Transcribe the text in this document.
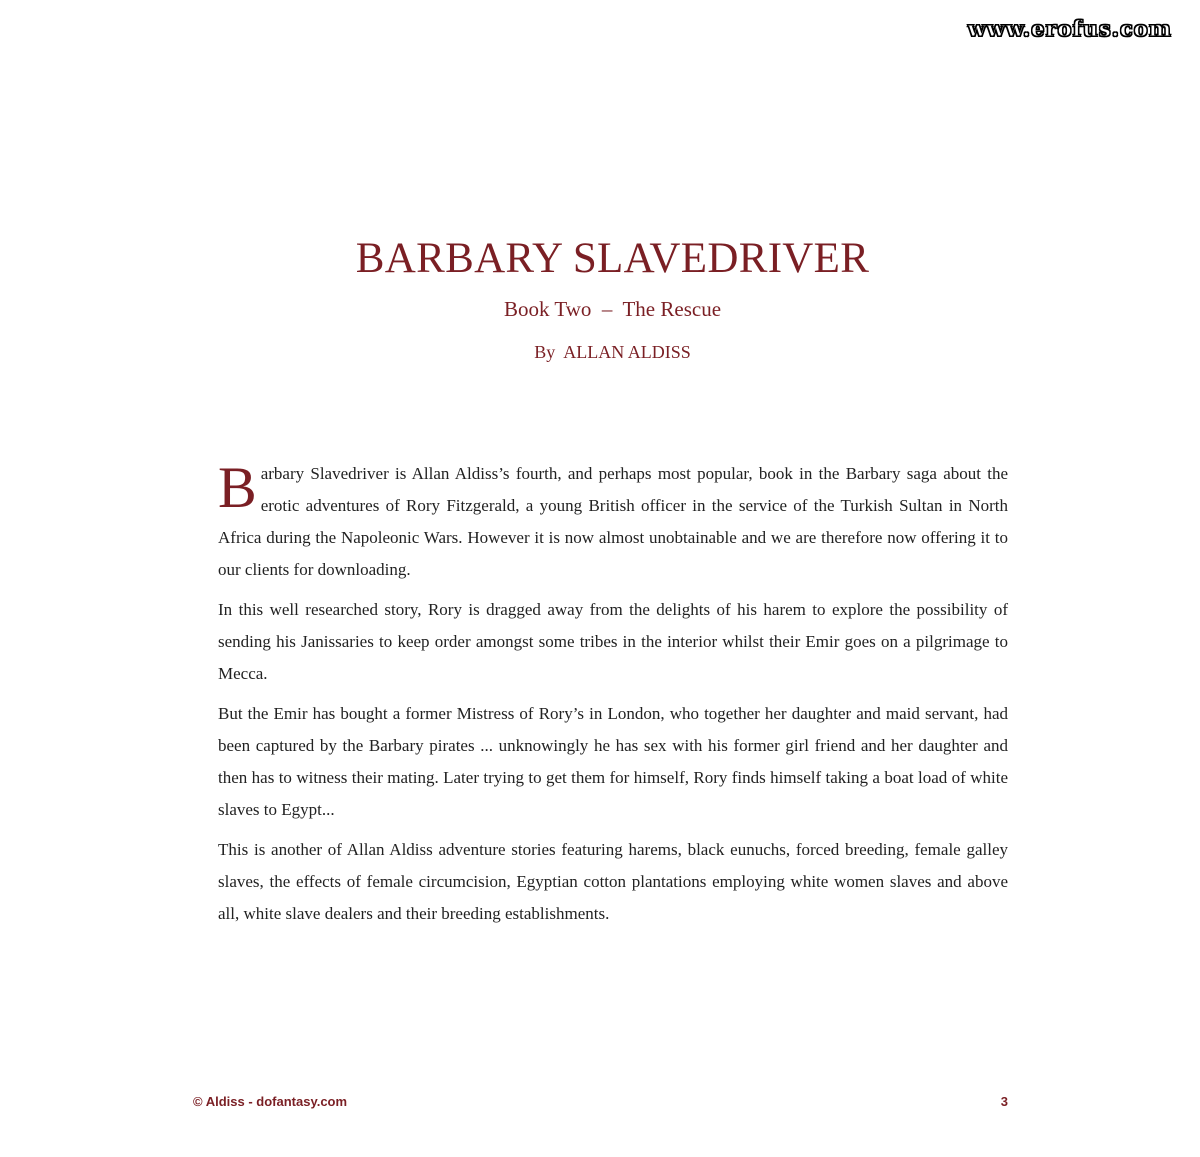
www.erofus.com
BARBARY SLAVEDRIVER
Book Two  –  The Rescue
By  ALLAN ALDISS

Barbary Slavedriver is Allan Aldiss’s fourth, and perhaps most popular, book in the Barbary saga about the erotic adventures of Rory Fitzgerald, a young British officer in the service of the Turkish Sultan in North Africa during the Napoleonic Wars. However it is now almost unobtainable and we are therefore now offering it to our clients for downloading.

In this well researched story, Rory is dragged away from the delights of his harem to explore the possibility of sending his Janissaries to keep order amongst some tribes in the interior whilst their Emir goes on a pilgrimage to Mecca.

But the Emir has bought a former Mistress of Rory’s in London, who together her daughter and maid servant, had been captured by the Barbary pirates ... unknowingly he has sex with his former girl friend and her daughter and then has to witness their mating. Later trying to get them for himself, Rory finds himself taking a boat load of white slaves to Egypt...

This is another of Allan Aldiss adventure stories featuring harems, black eunuchs, forced breeding, female galley slaves, the effects of female circumcision, Egyptian cotton plantations employing white women slaves and above all, white slave dealers and their breeding establishments.

© Aldiss - dofantasy.com	3
